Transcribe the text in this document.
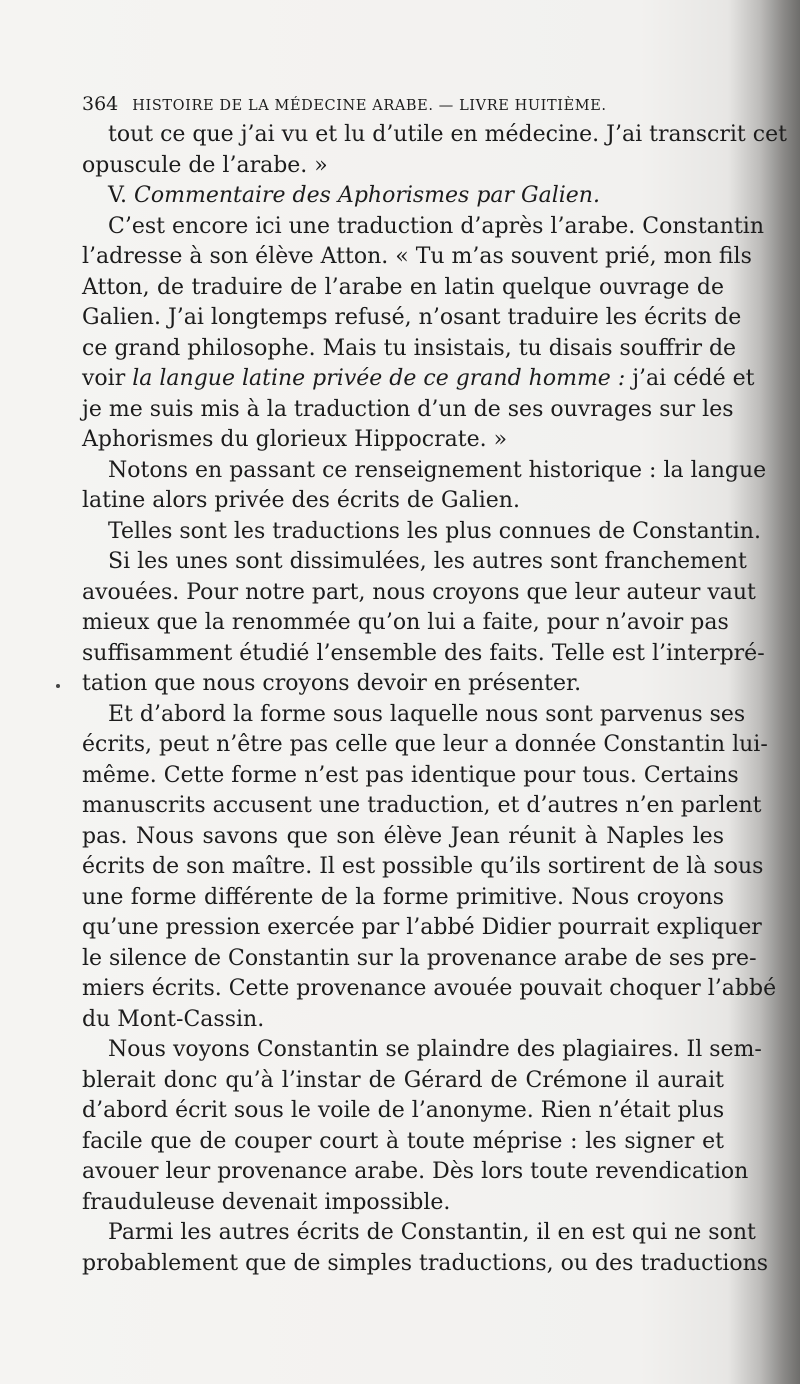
364 HISTOIRE DE LA MÉDECINE ARABE. — LIVRE HUITIÈME.
tout ce que j’ai vu et lu d’utile en médecine. J’ai transcrit cet
opuscule de l’arabe. »
V. Commentaire des Aphorismes par Galien.
C’est encore ici une traduction d’après l’arabe. Constantin
l’adresse à son élève Atton. « Tu m’as souvent prié, mon fils
Atton, de traduire de l’arabe en latin quelque ouvrage de
Galien. J’ai longtemps refusé, n’osant traduire les écrits de
ce grand philosophe. Mais tu insistais, tu disais souffrir de
voir la langue latine privée de ce grand homme : j’ai cédé et
je me suis mis à la traduction d’un de ses ouvrages sur les
Aphorismes du glorieux Hippocrate. »
Notons en passant ce renseignement historique : la langue
latine alors privée des écrits de Galien.
Telles sont les traductions les plus connues de Constantin.
Si les unes sont dissimulées, les autres sont franchement
avouées. Pour notre part, nous croyons que leur auteur vaut
mieux que la renommée qu’on lui a faite, pour n’avoir pas
suffisamment étudié l’ensemble des faits. Telle est l’interpré-
tation que nous croyons devoir en présenter.
Et d’abord la forme sous laquelle nous sont parvenus ses
écrits, peut n’être pas celle que leur a donnée Constantin lui-
même. Cette forme n’est pas identique pour tous. Certains
manuscrits accusent une traduction, et d’autres n’en parlent
pas. Nous savons que son élève Jean réunit à Naples les
écrits de son maître. Il est possible qu’ils sortirent de là sous
une forme différente de la forme primitive. Nous croyons
qu’une pression exercée par l’abbé Didier pourrait expliquer
le silence de Constantin sur la provenance arabe de ses pre-
miers écrits. Cette provenance avouée pouvait choquer l’abbé
du Mont-Cassin.
Nous voyons Constantin se plaindre des plagiaires. Il sem-
blerait donc qu’à l’instar de Gérard de Crémone il aurait
d’abord écrit sous le voile de l’anonyme. Rien n’était plus
facile que de couper court à toute méprise : les signer et
avouer leur provenance arabe. Dès lors toute revendication
frauduleuse devenait impossible.
Parmi les autres écrits de Constantin, il en est qui ne sont
probablement que de simples traductions, ou des traductions
